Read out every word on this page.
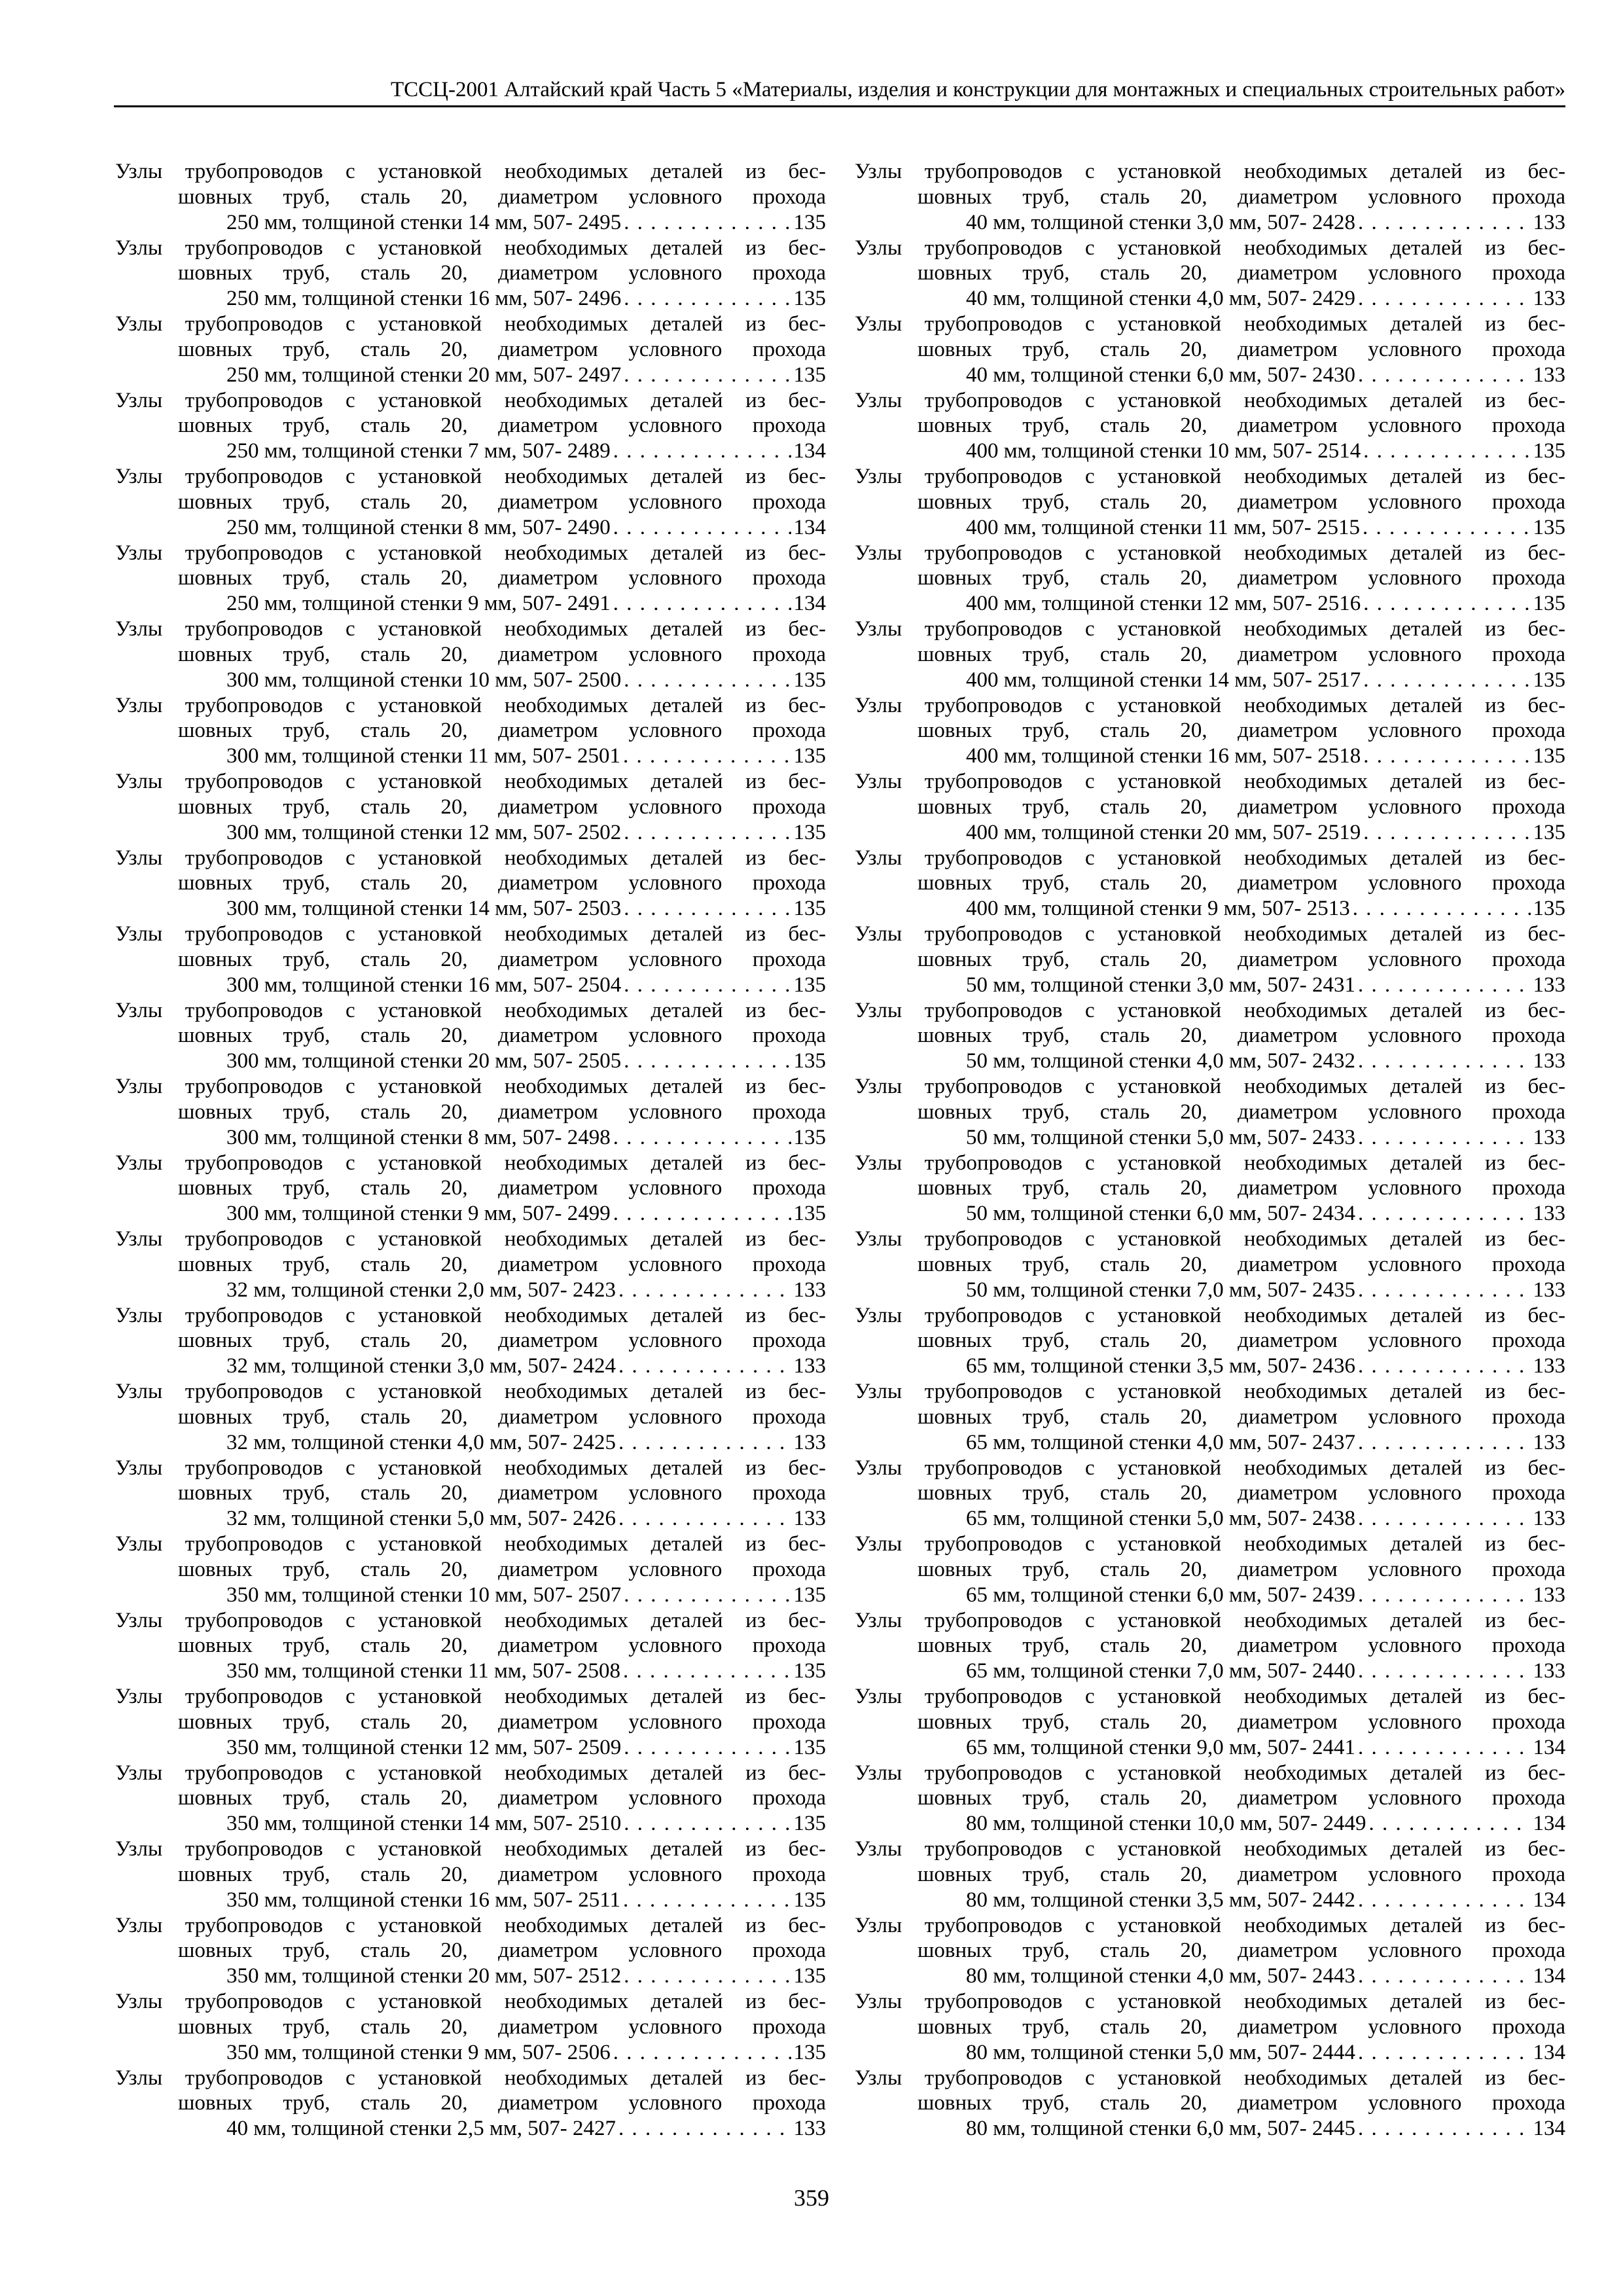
ТССЦ-2001 Алтайский край Часть 5 «Материалы, изделия и конструкции для монтажных и специальных строительных работ»
Узлы трубопроводов с установкой необходимых деталей из бес-
шовных труб, сталь 20, диаметром условного прохода
250 мм, толщиной стенки 14 мм, 507- 2495 . . .	135
Узлы трубопроводов с установкой необходимых деталей из бес-
шовных труб, сталь 20, диаметром условного прохода
250 мм, толщиной стенки 16 мм, 507- 2496 . . .	135
Узлы трубопроводов с установкой необходимых деталей из бес-
шовных труб, сталь 20, диаметром условного прохода
250 мм, толщиной стенки 20 мм, 507- 2497 . . .	135
Узлы трубопроводов с установкой необходимых деталей из бес-
шовных труб, сталь 20, диаметром условного прохода
250 мм, толщиной стенки 7 мм, 507- 2489 . . .	134
Узлы трубопроводов с установкой необходимых деталей из бес-
шовных труб, сталь 20, диаметром условного прохода
250 мм, толщиной стенки 8 мм, 507- 2490 . . .	134
Узлы трубопроводов с установкой необходимых деталей из бес-
шовных труб, сталь 20, диаметром условного прохода
250 мм, толщиной стенки 9 мм, 507- 2491 . . .	134
Узлы трубопроводов с установкой необходимых деталей из бес-
шовных труб, сталь 20, диаметром условного прохода
300 мм, толщиной стенки 10 мм, 507- 2500 . . .	135
Узлы трубопроводов с установкой необходимых деталей из бес-
шовных труб, сталь 20, диаметром условного прохода
300 мм, толщиной стенки 11 мм, 507- 2501 . . .	135
Узлы трубопроводов с установкой необходимых деталей из бес-
шовных труб, сталь 20, диаметром условного прохода
300 мм, толщиной стенки 12 мм, 507- 2502 . . .	135
Узлы трубопроводов с установкой необходимых деталей из бес-
шовных труб, сталь 20, диаметром условного прохода
300 мм, толщиной стенки 14 мм, 507- 2503 . . .	135
Узлы трубопроводов с установкой необходимых деталей из бес-
шовных труб, сталь 20, диаметром условного прохода
300 мм, толщиной стенки 16 мм, 507- 2504 . . .	135
Узлы трубопроводов с установкой необходимых деталей из бес-
шовных труб, сталь 20, диаметром условного прохода
300 мм, толщиной стенки 20 мм, 507- 2505 . . .	135
Узлы трубопроводов с установкой необходимых деталей из бес-
шовных труб, сталь 20, диаметром условного прохода
300 мм, толщиной стенки 8 мм, 507- 2498 . . .	135
Узлы трубопроводов с установкой необходимых деталей из бес-
шовных труб, сталь 20, диаметром условного прохода
300 мм, толщиной стенки 9 мм, 507- 2499 . . .	135
Узлы трубопроводов с установкой необходимых деталей из бес-
шовных труб, сталь 20, диаметром условного прохода
32 мм, толщиной стенки 2,0 мм, 507- 2423 . . .	133
Узлы трубопроводов с установкой необходимых деталей из бес-
шовных труб, сталь 20, диаметром условного прохода
32 мм, толщиной стенки 3,0 мм, 507- 2424 . . .	133
Узлы трубопроводов с установкой необходимых деталей из бес-
шовных труб, сталь 20, диаметром условного прохода
32 мм, толщиной стенки 4,0 мм, 507- 2425 . . .	133
Узлы трубопроводов с установкой необходимых деталей из бес-
шовных труб, сталь 20, диаметром условного прохода
32 мм, толщиной стенки 5,0 мм, 507- 2426 . . .	133
Узлы трубопроводов с установкой необходимых деталей из бес-
шовных труб, сталь 20, диаметром условного прохода
350 мм, толщиной стенки 10 мм, 507- 2507 . . .	135
Узлы трубопроводов с установкой необходимых деталей из бес-
шовных труб, сталь 20, диаметром условного прохода
350 мм, толщиной стенки 11 мм, 507- 2508 . . .	135
Узлы трубопроводов с установкой необходимых деталей из бес-
шовных труб, сталь 20, диаметром условного прохода
350 мм, толщиной стенки 12 мм, 507- 2509 . . .	135
Узлы трубопроводов с установкой необходимых деталей из бес-
шовных труб, сталь 20, диаметром условного прохода
350 мм, толщиной стенки 14 мм, 507- 2510 . . .	135
Узлы трубопроводов с установкой необходимых деталей из бес-
шовных труб, сталь 20, диаметром условного прохода
350 мм, толщиной стенки 16 мм, 507- 2511 . . .	135
Узлы трубопроводов с установкой необходимых деталей из бес-
шовных труб, сталь 20, диаметром условного прохода
350 мм, толщиной стенки 20 мм, 507- 2512 . . .	135
Узлы трубопроводов с установкой необходимых деталей из бес-
шовных труб, сталь 20, диаметром условного прохода
350 мм, толщиной стенки 9 мм, 507- 2506 . . .	135
Узлы трубопроводов с установкой необходимых деталей из бес-
шовных труб, сталь 20, диаметром условного прохода
40 мм, толщиной стенки 2,5 мм, 507- 2427 . . .	133
Узлы трубопроводов с установкой необходимых деталей из бес-
шовных труб, сталь 20, диаметром условного прохода
40 мм, толщиной стенки 3,0 мм, 507- 2428 . . .	133
Узлы трубопроводов с установкой необходимых деталей из бес-
шовных труб, сталь 20, диаметром условного прохода
40 мм, толщиной стенки 4,0 мм, 507- 2429 . . .	133
Узлы трубопроводов с установкой необходимых деталей из бес-
шовных труб, сталь 20, диаметром условного прохода
40 мм, толщиной стенки 6,0 мм, 507- 2430 . . .	133
Узлы трубопроводов с установкой необходимых деталей из бес-
шовных труб, сталь 20, диаметром условного прохода
400 мм, толщиной стенки 10 мм, 507- 2514 . . .	135
Узлы трубопроводов с установкой необходимых деталей из бес-
шовных труб, сталь 20, диаметром условного прохода
400 мм, толщиной стенки 11 мм, 507- 2515 . . .	135
Узлы трубопроводов с установкой необходимых деталей из бес-
шовных труб, сталь 20, диаметром условного прохода
400 мм, толщиной стенки 12 мм, 507- 2516 . . .	135
Узлы трубопроводов с установкой необходимых деталей из бес-
шовных труб, сталь 20, диаметром условного прохода
400 мм, толщиной стенки 14 мм, 507- 2517 . . .	135
Узлы трубопроводов с установкой необходимых деталей из бес-
шовных труб, сталь 20, диаметром условного прохода
400 мм, толщиной стенки 16 мм, 507- 2518 . . .	135
Узлы трубопроводов с установкой необходимых деталей из бес-
шовных труб, сталь 20, диаметром условного прохода
400 мм, толщиной стенки 20 мм, 507- 2519 . . .	135
Узлы трубопроводов с установкой необходимых деталей из бес-
шовных труб, сталь 20, диаметром условного прохода
400 мм, толщиной стенки 9 мм, 507- 2513 . . .	135
Узлы трубопроводов с установкой необходимых деталей из бес-
шовных труб, сталь 20, диаметром условного прохода
50 мм, толщиной стенки 3,0 мм, 507- 2431 . . .	133
Узлы трубопроводов с установкой необходимых деталей из бес-
шовных труб, сталь 20, диаметром условного прохода
50 мм, толщиной стенки 4,0 мм, 507- 2432 . . .	133
Узлы трубопроводов с установкой необходимых деталей из бес-
шовных труб, сталь 20, диаметром условного прохода
50 мм, толщиной стенки 5,0 мм, 507- 2433 . . .	133
Узлы трубопроводов с установкой необходимых деталей из бес-
шовных труб, сталь 20, диаметром условного прохода
50 мм, толщиной стенки 6,0 мм, 507- 2434 . . .	133
Узлы трубопроводов с установкой необходимых деталей из бес-
шовных труб, сталь 20, диаметром условного прохода
50 мм, толщиной стенки 7,0 мм, 507- 2435 . . .	133
Узлы трубопроводов с установкой необходимых деталей из бес-
шовных труб, сталь 20, диаметром условного прохода
65 мм, толщиной стенки 3,5 мм, 507- 2436 . . .	133
Узлы трубопроводов с установкой необходимых деталей из бес-
шовных труб, сталь 20, диаметром условного прохода
65 мм, толщиной стенки 4,0 мм, 507- 2437 . . .	133
Узлы трубопроводов с установкой необходимых деталей из бес-
шовных труб, сталь 20, диаметром условного прохода
65 мм, толщиной стенки 5,0 мм, 507- 2438 . . .	133
Узлы трубопроводов с установкой необходимых деталей из бес-
шовных труб, сталь 20, диаметром условного прохода
65 мм, толщиной стенки 6,0 мм, 507- 2439 . . .	133
Узлы трубопроводов с установкой необходимых деталей из бес-
шовных труб, сталь 20, диаметром условного прохода
65 мм, толщиной стенки 7,0 мм, 507- 2440 . . .	133
Узлы трубопроводов с установкой необходимых деталей из бес-
шовных труб, сталь 20, диаметром условного прохода
65 мм, толщиной стенки 9,0 мм, 507- 2441 . . .	134
Узлы трубопроводов с установкой необходимых деталей из бес-
шовных труб, сталь 20, диаметром условного прохода
80 мм, толщиной стенки 10,0 мм, 507- 2449 . . .	134
Узлы трубопроводов с установкой необходимых деталей из бес-
шовных труб, сталь 20, диаметром условного прохода
80 мм, толщиной стенки 3,5 мм, 507- 2442 . . .	134
Узлы трубопроводов с установкой необходимых деталей из бес-
шовных труб, сталь 20, диаметром условного прохода
80 мм, толщиной стенки 4,0 мм, 507- 2443 . . .	134
Узлы трубопроводов с установкой необходимых деталей из бес-
шовных труб, сталь 20, диаметром условного прохода
80 мм, толщиной стенки 5,0 мм, 507- 2444 . . .	134
Узлы трубопроводов с установкой необходимых деталей из бес-
шовных труб, сталь 20, диаметром условного прохода
80 мм, толщиной стенки 6,0 мм, 507- 2445 . . .	134
359
